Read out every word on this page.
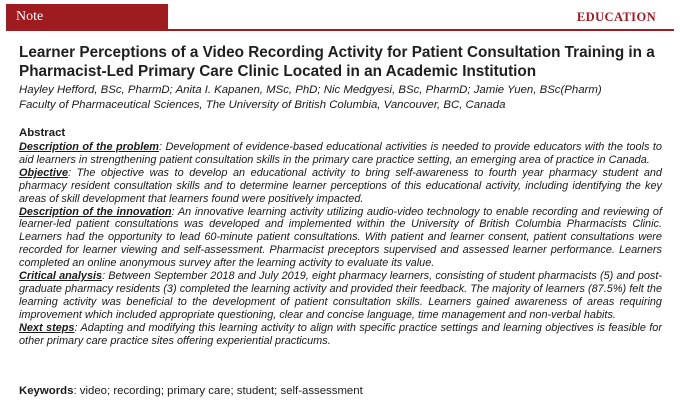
Note	EDUCATION
Learner Perceptions of a Video Recording Activity for Patient Consultation Training in a Pharmacist-Led Primary Care Clinic Located in an Academic Institution
Hayley Hefford, BSc, PharmD; Anita I. Kapanen, MSc, PhD; Nic Medgyesi, BSc, PharmD; Jamie Yuen, BSc(Pharm)
Faculty of Pharmaceutical Sciences, The University of British Columbia, Vancouver, BC, Canada
Abstract

Description of the problem: Development of evidence-based educational activities is needed to provide educators with the tools to aid learners in strengthening patient consultation skills in the primary care practice setting, an emerging area of practice in Canada.

Objective: The objective was to develop an educational activity to bring self-awareness to fourth year pharmacy student and pharmacy resident consultation skills and to determine learner perceptions of this educational activity, including identifying the key areas of skill development that learners found were positively impacted.

Description of the innovation: An innovative learning activity utilizing audio-video technology to enable recording and reviewing of learner-led patient consultations was developed and implemented within the University of British Columbia Pharmacists Clinic. Learners had the opportunity to lead 60-minute patient consultations. With patient and learner consent, patient consultations were recorded for learner viewing and self-assessment. Pharmacist preceptors supervised and assessed learner performance. Learners completed an online anonymous survey after the learning activity to evaluate its value.

Critical analysis: Between September 2018 and July 2019, eight pharmacy learners, consisting of student pharmacists (5) and post-graduate pharmacy residents (3) completed the learning activity and provided their feedback. The majority of learners (87.5%) felt the learning activity was beneficial to the development of patient consultation skills. Learners gained awareness of areas requiring improvement which included appropriate questioning, clear and concise language, time management and non-verbal habits.

Next steps: Adapting and modifying this learning activity to align with specific practice settings and learning objectives is feasible for other primary care practice sites offering experiential practicums.

Keywords: video; recording; primary care; student; self-assessment
